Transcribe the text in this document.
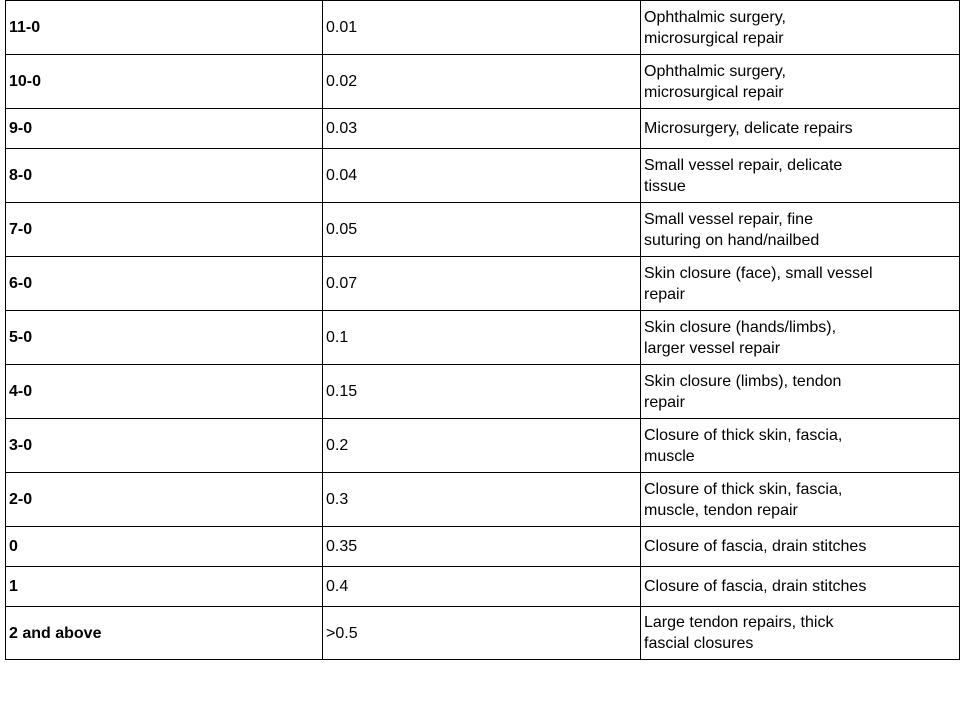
11-0	0.01	Ophthalmic surgery,
microsurgical repair
10-0	0.02	Ophthalmic surgery,
microsurgical repair
9-0	0.03	Microsurgery, delicate repairs
8-0	0.04	Small vessel repair, delicate
tissue
7-0	0.05	Small vessel repair, fine
suturing on hand/nailbed
6-0	0.07	Skin closure (face), small vessel
repair
5-0	0.1	Skin closure (hands/limbs),
larger vessel repair
4-0	0.15	Skin closure (limbs), tendon
repair
3-0	0.2	Closure of thick skin, fascia,
muscle
2-0	0.3	Closure of thick skin, fascia,
muscle, tendon repair
0	0.35	Closure of fascia, drain stitches
1	0.4	Closure of fascia, drain stitches
2 and above	>0.5	Large tendon repairs, thick
fascial closures
